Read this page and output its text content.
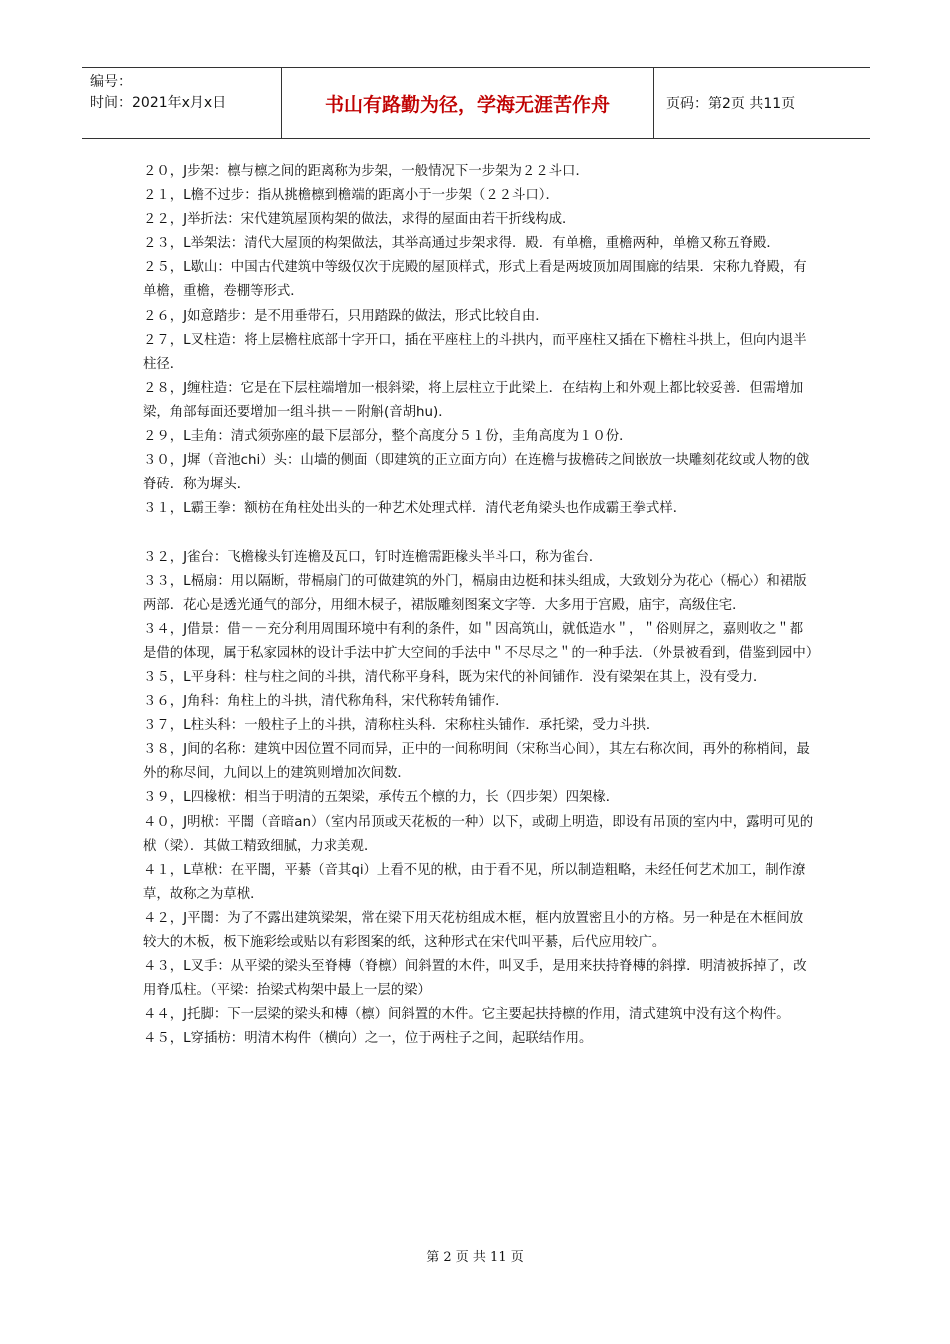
编号：
时间：2021年x月x日	书山有路勤为径，学海无涯苦作舟	页码：第2页 共11页

２０，J步架：檩与檩之间的距离称为步架，一般情况下一步架为２２斗口．

２１，L檐不过步：指从挑檐檩到檐端的距离小于一步架（２２斗口）．

２２，J举折法：宋代建筑屋顶构架的做法，求得的屋面由若干折线构成．

２３，L举架法：清代大屋顶的构架做法，其举高通过步架求得．殿．有单檐，重檐两种，单檐又称五脊殿．

２５，L歇山：中国古代建筑中等级仅次于庑殿的屋顶样式，形式上看是两坡顶加周围廊的结果．宋称九脊殿，有单檐，重檐，卷棚等形式．

２６，J如意踏步：是不用垂带石，只用踏跺的做法，形式比较自由．

２７，L叉柱造：将上层檐柱底部十字开口，插在平座柱上的斗拱内，而平座柱又插在下檐柱斗拱上，但向内退半柱径．

２８，J缠柱造：它是在下层柱端增加一根斜梁，将上层柱立于此梁上．在结构上和外观上都比较妥善．但需增加梁，角部每面还要增加一组斗拱－－附斛(音胡hu)．

２９，L圭角：清式须弥座的最下层部分，整个高度分５１份，圭角高度为１０份．

３０，J墀（音池chi）头：山墙的侧面（即建筑的正立面方向）在连檐与拔檐砖之间嵌放一块雕刻花纹或人物的戗脊砖．称为墀头．

３１，L霸王拳：额枋在角柱处出头的一种艺术处理式样．清代老角梁头也作成霸王拳式样．

３２，J雀台：飞檐椽头钉连檐及瓦口，钉时连檐需距椽头半斗口，称为雀台．

３３，L槅扇：用以隔断，带槅扇门的可做建筑的外门，槅扇由边梃和抹头组成，大致划分为花心（槅心）和裙版两部．花心是透光通气的部分，用细木棂子，裙版雕刻图案文字等．大多用于宫殿，庙宇，高级住宅．

３４，J借景：借－－充分利用周围环境中有利的条件，如＂因高筑山，就低造水＂，＂俗则屏之，嘉则收之＂都是借的体现，属于私家园林的设计手法中扩大空间的手法中＂不尽尽之＂的一种手法．（外景被看到，借鉴到园中）

３５，L平身科：柱与柱之间的斗拱，清代称平身科，既为宋代的补间铺作．没有梁架在其上，没有受力．

３６，J角科：角柱上的斗拱，清代称角科，宋代称转角铺作．

３７，L柱头科：一般柱子上的斗拱，清称柱头科．宋称柱头铺作．承托梁，受力斗拱．

３８，J间的名称：建筑中因位置不同而异，正中的一间称明间（宋称当心间），其左右称次间，再外的称梢间，最外的称尽间，九间以上的建筑则增加次间数．

３９，L四椽栿：相当于明清的五架梁，承传五个檩的力，长（四步架）四架椽．

４０，J明栿：平闇（音暗an）（室内吊顶或天花板的一种）以下，或砌上明造，即设有吊顶的室内中，露明可见的栿（梁）．其做工精致细腻，力求美观．

４１，L草栿：在平闇，平綦（音其qi）上看不见的栿，由于看不见，所以制造粗略，未经任何艺术加工，制作潦草，故称之为草栿．

４２，J平闇：为了不露出建筑梁架，常在梁下用天花枋组成木框，框内放置密且小的方格。另一种是在木框间放较大的木板，板下施彩绘或贴以有彩图案的纸，这种形式在宋代叫平綦，后代应用较广。

４３，L叉手：从平梁的梁头至脊槫（脊檩）间斜置的木件，叫叉手，是用来扶持脊槫的斜撑．明清被拆掉了，改用脊瓜柱。（平梁：抬梁式构架中最上一层的梁）

４４，J托脚：下一层梁的梁头和槫（檩）间斜置的木件。它主要起扶持檩的作用，清式建筑中没有这个构件。

４５，L穿插枋：明清木构件（横向）之一，位于两柱子之间，起联结作用。

第 2 页 共 11 页
